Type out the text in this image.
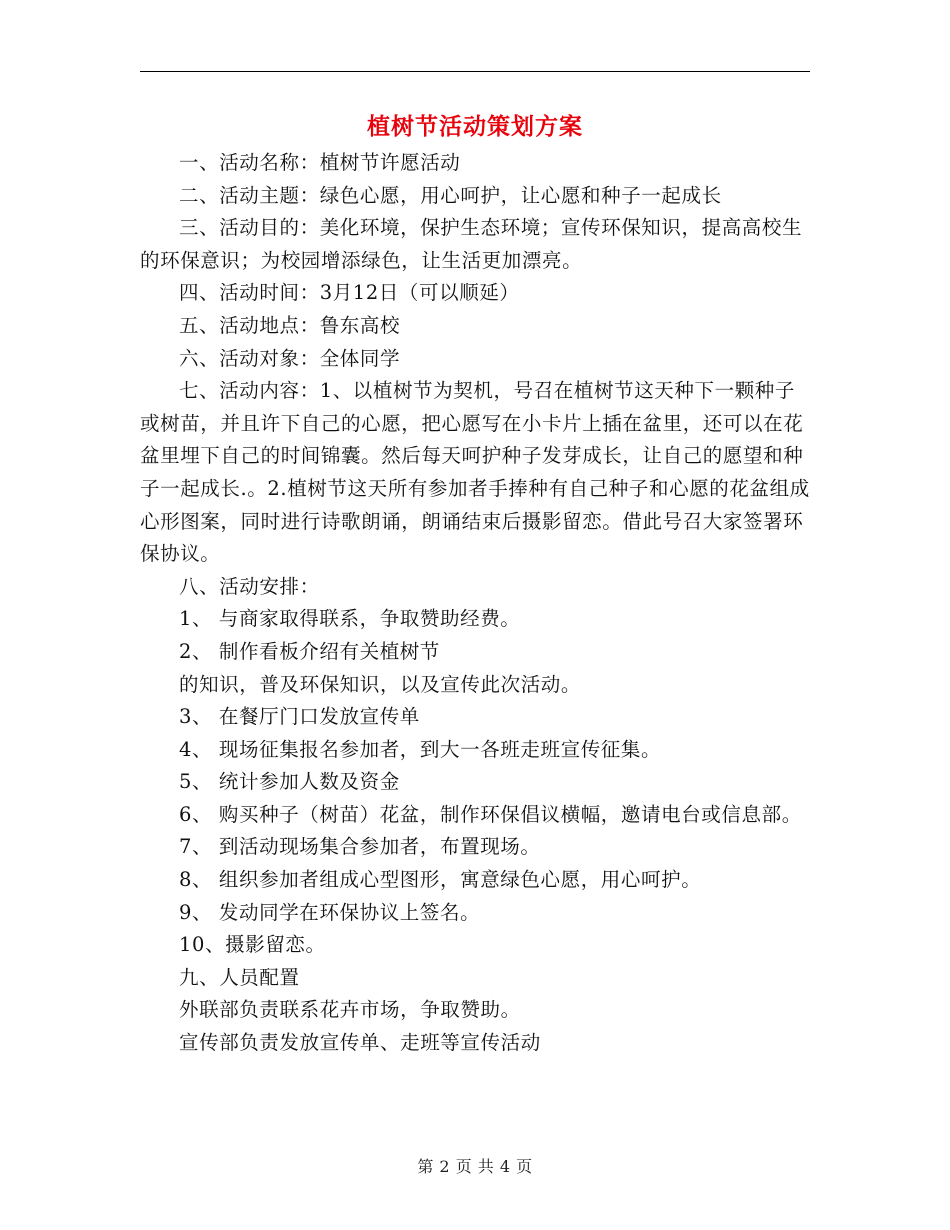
植树节活动策划方案

一、活动名称：植树节许愿活动

二、活动主题：绿色心愿，用心呵护，让心愿和种子一起成长

三、活动目的：美化环境，保护生态环境；宣传环保知识，提高高校生的环保意识；为校园增添绿色，让生活更加漂亮。

四、活动时间：3月12日（可以顺延）

五、活动地点：鲁东高校

六、活动对象：全体同学

七、活动内容：1、以植树节为契机，号召在植树节这天种下一颗种子或树苗，并且许下自己的心愿，把心愿写在小卡片上插在盆里，还可以在花盆里埋下自己的时间锦囊。然后每天呵护种子发芽成长，让自己的愿望和种子一起成长.。2.植树节这天所有参加者手捧种有自己种子和心愿的花盆组成心形图案，同时进行诗歌朗诵，朗诵结束后摄影留恋。借此号召大家签署环保协议。

八、活动安排：

1、 与商家取得联系，争取赞助经费。

2、 制作看板介绍有关植树节

的知识，普及环保知识，以及宣传此次活动。

3、 在餐厅门口发放宣传单

4、 现场征集报名参加者，到大一各班走班宣传征集。

5、 统计参加人数及资金

6、 购买种子（树苗）花盆，制作环保倡议横幅，邀请电台或信息部。

7、 到活动现场集合参加者，布置现场。

8、 组织参加者组成心型图形，寓意绿色心愿，用心呵护。

9、 发动同学在环保协议上签名。

10、摄影留恋。

九、人员配置

外联部负责联系花卉市场，争取赞助。

宣传部负责发放宣传单、走班等宣传活动

第 2 页 共 4 页
